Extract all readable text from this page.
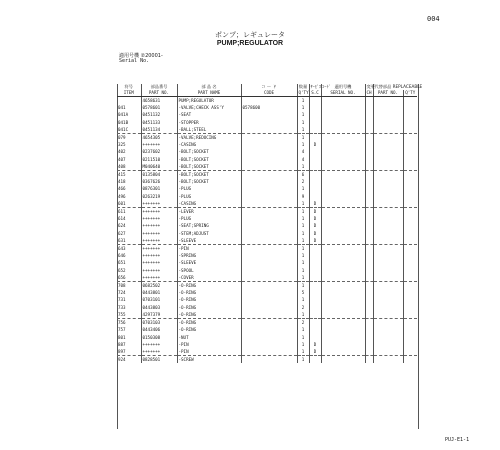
004
ポンプ；レギュレータ
PUMP;REGULATOR
適用号機 ②20001-
Serial No.
符号	部品番号	部 品 名	コ ー ド	数量	ｻｰﾋﾞｽ ｺｰﾄﾞ	適用号機	変更	代替部品 REPLACEABLE	
ITEM	PART NO.	PART NAME	CODE	Q'TY	S.C	SERIAL NO.	CH	PART NO.	Q'TY
	4658631	PUMP;REGULATOR		1					
041	0578601	-VALVE;CHECK ASS'Y	0578600	1					
041A	0451132	-SEAT		1					
041B	0451133	-STOPPER		1					
041C	0451134	-BALL;STEEL		1					
079	4654305	-VALVE;REDUCING		1					
325	+++++++	-CASING		1	D				
402	0237602	-BOLT;SOCKET		4					
407	0211510	-BOLT;SOCKET		4					
408	M040640	-BOLT;SOCKET		1					
415	0135804	-BOLT;SOCKET		6					
418	0367626	-BOLT;SOCKET		2					
466	0876301	-PLUG		1					
496	0263219	-PLUG		9					
601	+++++++	-CASING		1	D				
611	+++++++	-LEVER		1	D				
614	+++++++	-PLUG		1	D				
624	+++++++	-SEAT;SPRING		1	D				
627	+++++++	-STEM;ADJUST		1	D				
631	+++++++	-SLEEVE		1	D				
643	+++++++	-PIN		1					
646	+++++++	-SPRING		1					
651	+++++++	-SLEEVE		1					
652	+++++++	-SPOOL		1					
656	+++++++	-COVER		1					
708	0682502	-O-RING		1					
724	0443801	-O-RING		5					
731	0703101	-O-RING		1					
733	0443803	-O-RING		2					
755	4297379	-O-RING		1					
756	0703103	-O-RING		2					
757	0443406	-O-RING		1					
801	0150308	-NUT		1					
887	+++++++	-PIN		1	D				
897	+++++++	-PIN		1	D				
924	0828501	-SCREW		1					
PUJ-E1-1
